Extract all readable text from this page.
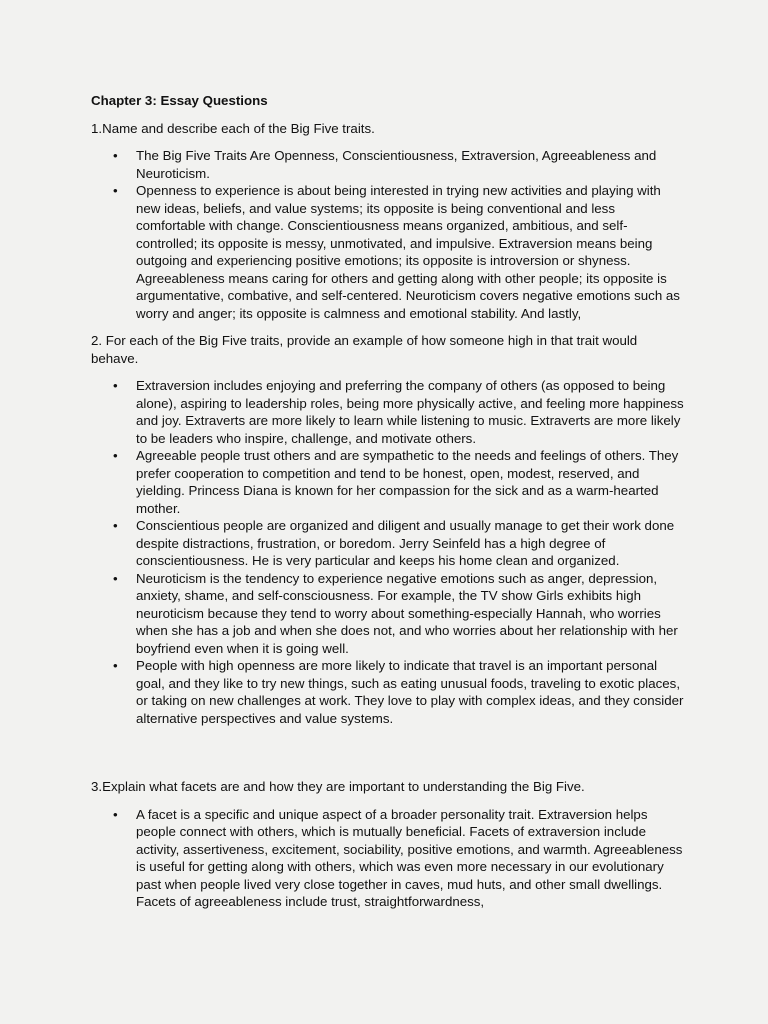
Chapter 3: Essay Questions
1.Name and describe each of the Big Five traits.
• The Big Five Traits Are Openness, Conscientiousness, Extraversion, Agreeableness and Neuroticism.
• Openness to experience is about being interested in trying new activities and playing with new ideas, beliefs, and value systems; its opposite is being conventional and less comfortable with change. Conscientiousness means organized, ambitious, and self-controlled; its opposite is messy, unmotivated, and impulsive. Extraversion means being outgoing and experiencing positive emotions; its opposite is introversion or shyness. Agreeableness means caring for others and getting along with other people; its opposite is argumentative, combative, and self-centered. Neuroticism covers negative emotions such as worry and anger; its opposite is calmness and emotional stability. And lastly,
2. For each of the Big Five traits, provide an example of how someone high in that trait would behave.
• Extraversion includes enjoying and preferring the company of others (as opposed to being alone), aspiring to leadership roles, being more physically active, and feeling more happiness and joy. Extraverts are more likely to learn while listening to music. Extraverts are more likely to be leaders who inspire, challenge, and motivate others.
• Agreeable people trust others and are sympathetic to the needs and feelings of others. They prefer cooperation to competition and tend to be honest, open, modest, reserved, and yielding. Princess Diana is known for her compassion for the sick and as a warm-hearted mother.
• Conscientious people are organized and diligent and usually manage to get their work done despite distractions, frustration, or boredom. Jerry Seinfeld has a high degree of conscientiousness. He is very particular and keeps his home clean and organized.
• Neuroticism is the tendency to experience negative emotions such as anger, depression, anxiety, shame, and self-consciousness. For example, the TV show Girls exhibits high neuroticism because they tend to worry about something-especially Hannah, who worries when she has a job and when she does not, and who worries about her relationship with her boyfriend even when it is going well.
• People with high openness are more likely to indicate that travel is an important personal goal, and they like to try new things, such as eating unusual foods, traveling to exotic places, or taking on new challenges at work. They love to play with complex ideas, and they consider alternative perspectives and value systems.
3.Explain what facets are and how they are important to understanding the Big Five.
• A facet is a specific and unique aspect of a broader personality trait. Extraversion helps people connect with others, which is mutually beneficial. Facets of extraversion include activity, assertiveness, excitement, sociability, positive emotions, and warmth. Agreeableness is useful for getting along with others, which was even more necessary in our evolutionary past when people lived very close together in caves, mud huts, and other small dwellings. Facets of agreeableness include trust, straightforwardness,
